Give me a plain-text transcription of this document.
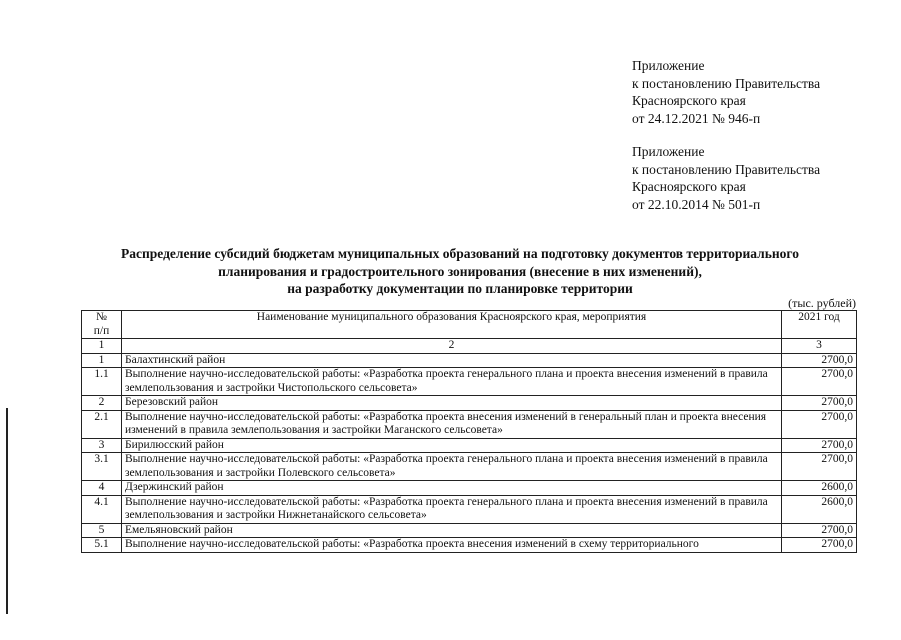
Приложение
к постановлению Правительства
Красноярского края
от 24.12.2021 № 946-п
Приложение
к постановлению Правительства
Красноярского края
от 22.10.2014 № 501-п
Распределение субсидий бюджетам муниципальных образований на подготовку документов территориального
планирования и градостроительного зонирования (внесение в них изменений),
на разработку документации по планировке территории
(тыс. рублей)
№
п/п	Наименование муниципального образования Красноярского края, мероприятия	2021 год
1	2	3
1	Балахтинский район	2700,0
1.1	Выполнение научно-исследовательской работы: «Разработка проекта генерального плана и проекта внесения изменений в правила землепользования и застройки Чистопольского сельсовета»	2700,0
2	Березовский район	2700,0
2.1	Выполнение научно-исследовательской работы: «Разработка проекта внесения изменений в генеральный план и проекта внесения изменений в правила землепользования и застройки Маганского сельсовета»	2700,0
3	Бирилюсский район	2700,0
3.1	Выполнение научно-исследовательской работы: «Разработка проекта генерального плана и проекта внесения изменений в правила землепользования и застройки Полевского сельсовета»	2700,0
4	Дзержинский район	2600,0
4.1	Выполнение научно-исследовательской работы: «Разработка проекта генерального плана и проекта внесения изменений в правила землепользования и застройки Нижнетанайского сельсовета»	2600,0
5	Емельяновский район	2700,0
5.1	Выполнение научно-исследовательской работы: «Разработка проекта внесения изменений в схему территориального	2700,0
